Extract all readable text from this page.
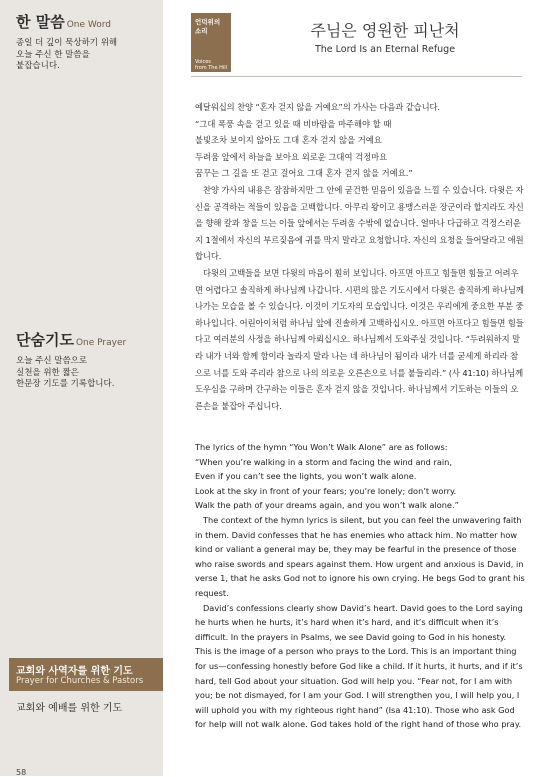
한 말씀 One Word
종일 더 깊이 묵상하기 위해
오늘 주신 한 말씀을
붙잡습니다.
단숨기도 One Prayer
오늘 주신 말씀으로
실천을 위한 짧은
한문장 기도를 기록합니다.
교회와 사역자를 위한 기도
Prayer for Churches & Pastors
교회와 예배를 위한 기도
58
언덕위의
소리
Voices
from The Hill
주님은 영원한 피난처
The Lord Is an Eternal Refuge

예달워십의 찬양 “혼자 걷지 않을 거예요”의 가사는 다음과 같습니다.

“그대 폭풍 속을 걷고 있을 때 비바람을 마주해야 할 때
불빛조차 보이지 않아도 그대 혼자 걷지 않을 거예요
두려움 앞에서 하늘을 보아요 외로운 그대여 걱정마요
꿈꾸는 그 길을 또 걷고 걸어요 그대 혼자 걷지 않을 거예요.”

찬양 가사의 내용은 잠잠하지만 그 안에 굳건한 믿음이 있음을 느낄 수 있습니다. 다윗은 자신을 공격하는 적들이 있음을 고백합니다. 아무리 왕이고 용맹스러운 장군이라 할지라도 자신을 향해 칼과 창을 드는 이들 앞에서는 두려움 수밖에 없습니다. 얼마나 다급하고 걱정스러운지 1절에서 자신의 부르짖음에 귀를 막지 말라고 요청합니다. 자신의 요청을 들어달라고 애원합니다.

다윗의 고백들을 보면 다윗의 마음이 훤히 보입니다. 아프면 아프고 힘들면 힘들고 어려우면 어렵다고 솔직하게 하나님께 나갑니다. 시편의 많은 기도시에서 다윗은 솔직하게 하나님께 나가는 모습을 볼 수 있습니다. 이것이 기도자의 모습입니다. 이것은 우리에게 중요한 부분 중 하나입니다. 어린아이처럼 하나님 앞에 진솔하게 고백하십시오. 아프면 아프다고 힘들면 힘들다고 여러분의 사정을 하나님께 아뢰십시오. 하나님께서 도와주실 것입니다. “두려워하지 말라 내가 너와 함께 함이라 놀라지 말라 나는 네 하나님이 됨이라 내가 너를 굳세게 하리라 참으로 너를 도와 주리라 참으로 나의 의로운 오른손으로 너를 붙들리라.” (사 41:10) 하나님께 도우심을 구하며 간구하는 이들은 혼자 걷지 않을 것입니다. 하나님께서 기도하는 이들의 오른손을 붙잡아 주십니다.

The lyrics of the hymn “You Won’t Walk Alone” are as follows:

“When you’re walking in a storm and facing the wind and rain,
Even if you can’t see the lights, you won’t walk alone.
Look at the sky in front of your fears; you’re lonely; don’t worry.
Walk the path of your dreams again, and you won’t walk alone.”

The context of the hymn lyrics is silent, but you can feel the unwavering faith in them. David confesses that he has enemies who attack him. No matter how kind or valiant a general may be, they may be fearful in the presence of those who raise swords and spears against them. How urgent and anxious is David, in verse 1, that he asks God not to ignore his own crying. He begs God to grant his request.

David’s confessions clearly show David’s heart. David goes to the Lord saying he hurts when he hurts, it’s hard when it’s hard, and it’s difficult when it’s difficult. In the prayers in Psalms, we see David going to God in his honesty. This is the image of a person who prays to the Lord. This is an important thing for us—confessing honestly before God like a child. If it hurts, it hurts, and if it’s hard, tell God about your situation. God will help you. “Fear not, for I am with you; be not dismayed, for I am your God. I will strengthen you, I will help you, I will uphold you with my righteous right hand” (Isa 41:10). Those who ask God for help will not walk alone. God takes hold of the right hand of those who pray.
